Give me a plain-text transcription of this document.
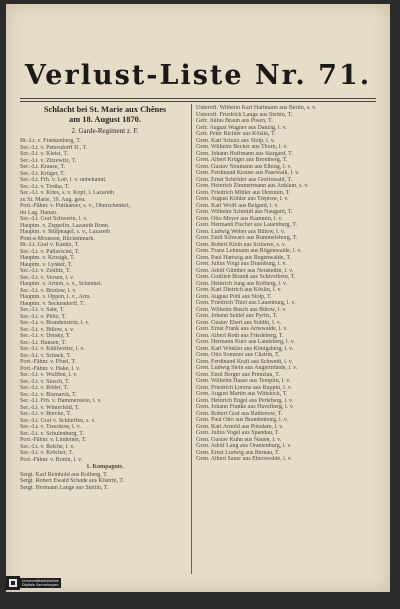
Verlust-Liste Nr. 71.
Schlacht bei St. Marie aux Chênes
am 18. August 1870.
2. Garde-Regiment z. F.
Br.-Lt. v. Frankenberg, T.
Sec.-Lt. v. Petersdorff II., T.
Sec.-Lt. v. Kleist, T.
Sec.-Lt. v. Zitzewitz, T.
Sec.-Lt. Krause, T.
Sec.-Lt. Krüger, T.
Sec.-Lt. Frh. v. Loë, l. v. unbekannt.
Sec.-Lt. v. Trotha, T.
Sec.-Lt. v. Kries, s. v. Kopf, i. Lazareth
zu St. Marie, 19. Aug. gest.
Port.-Fähnr. v. Puttkamer, s. v., Oberschenkel,
im Lag. Hanau.
Sec.-Lt. Graf Schwerin, l. v.
Hauptm. v. Zeppelin, Lazareth Bonn.
Hauptm. v. Stülpnagel, s. v., Lazareth
Pont-à-Mousson, Rückenmark.
Br.-Lt. Graf v. Kanitz, T.
Sec.-Lt. v. Pallavicini, T.
Hauptm. v. Krosigk, T.
Hauptm. v. Lynker, T.
Sec.-Lt. v. Zedlitz, T.
Sec.-Lt. v. Versen, l. v.
Hauptm. v. Arnim, s. v., Schenkel.
Sec.-Lt. v. Bredow, l. v.
Hauptm. v. Oppen, l. v., Arm.
Hauptm. v. Seckendorff, T.
Sec.-Lt. v. Sahr, T.
Sec.-Lt. v. Plötz, T.
Sec.-Lt. v. Brandenstein, l. v.
Sec.-Lt. v. Bülow, s. v.
Sec.-Lt. v. Dresky, T.
Sec.-Lt. Hansen, T.
Sec.-Lt. v. Kühlwetter, l. v.
Sec.-Lt. v. Schack, T.
Port.-Fähnr. v. Pfuel, T.
Port.-Fähnr. v. Hake, l. v.
Sec.-Lt. v. Wulffen, l. v.
Sec.-Lt. v. Stosch, T.
Sec.-Lt. v. Röder, T.
Sec.-Lt. v. Bismarck, T.
Sec.-Lt. Frh. v. Hammerstein, l. v.
Sec.-Lt. v. Winterfeld, T.
Sec.-Lt. v. Borcke, T.
Sec.-Lt. Graf v. Schlieffen, s. v.
Sec.-Lt. v. Tresckow, l. v.
Sec.-Lt. v. Schulenburg, T.
Port.-Fähnr. v. Lindeiner, T.
Sec.-Lt. v. Reiche, l. v.
Sec.-Lt. v. Kröcher, T.
Port.-Fähnr. v. Bonin, l. v.
1. Kompagnie.
Sergt. Karl Reinhold aus Kolberg, T.
Sergt. Robert Ewald Schade aus Küstrin, T.
Sergt. Hermann Lange aus Stettin, T.
Unteroff. Wilhelm Karl Hartmann aus Berlin, s. v.
Unteroff. Friedrich Lange aus Stettin, T.
Gefr. Julius Braun aus Posen, T.
Gefr. August Wagner aus Danzig, l. v.
Gefr. Peter Richter aus Köslin, T.
Gren. Karl Schulz aus Stolp, l. v.
Gren. Wilhelm Becker aus Thorn, l. v.
Gren. Johann Hoffmann aus Stargard, T.
Gren. Albert Krüger aus Bromberg, T.
Gren. Gustav Neumann aus Elbing, l. v.
Gren. Ferdinand Krause aus Pasewalk, l. v.
Gren. Ernst Schröder aus Greifswald, T.
Gren. Heinrich Zimmermann aus Anklam, s. v.
Gren. Friedrich Müller aus Demmin, T.
Gren. August Köhler aus Treptow, l. v.
Gren. Karl Wolff aus Belgard, l. v.
Gren. Wilhelm Schmidt aus Naugard, T.
Gren. Otto Meyer aus Kammin, l. v.
Gren. Hermann Fischer aus Lauenburg, T.
Gren. Ludwig Weber aus Bütow, l. v.
Gren. Emil Schwarz aus Rummelsburg, T.
Gren. Robert Klein aus Schlawe, s. v.
Gren. Franz Lehmann aus Rügenwalde, l. v.
Gren. Paul Hartwig aus Regenwalde, T.
Gren. Julius Voigt aus Dramburg, l. v.
Gren. Adolf Günther aus Neustettin, l. v.
Gren. Gottlieb Brandt aus Schivelbein, T.
Gren. Heinrich Jung aus Kolberg, l. v.
Gren. Karl Dietrich aus Köslin, l. v.
Gren. August Pohl aus Stolp, T.
Gren. Friedrich Thiel aus Lauenburg, l. v.
Gren. Wilhelm Busch aus Bütow, l. v.
Gren. Johann Seidel aus Pyritz, T.
Gren. Gustav Ebert aus Soldin, l. v.
Gren. Ernst Frank aus Arnswalde, l. v.
Gren. Albert Roth aus Friedeberg, T.
Gren. Hermann Kurz aus Landsberg, l. v.
Gren. Karl Winkler aus Königsberg, l. v.
Gren. Otto Sommer aus Cüstrin, T.
Gren. Ferdinand Kraft aus Schwedt, l. v.
Gren. Ludwig Stein aus Angermünde, l. v.
Gren. Emil Berger aus Prenzlau, T.
Gren. Wilhelm Haase aus Templin, l. v.
Gren. Friedrich Lorenz aus Ruppin, l. v.
Gren. August Martin aus Wittstock, T.
Gren. Heinrich Engel aus Perleberg, l. v.
Gren. Johann Franke aus Havelberg, l. v.
Gren. Robert Graf aus Rathenow, T.
Gren. Paul Otto aus Brandenburg, l. v.
Gren. Karl Arnold aus Potsdam, l. v.
Gren. Julius Vogel aus Spandau, T.
Gren. Gustav Kuhn aus Nauen, l. v.
Gren. Adolf Lang aus Oranienburg, l. v.
Gren. Ernst Ludwig aus Bernau, T.
Gren. Albert Sauer aus Eberswalde, l. v.
Universitätsbibliothek
Digitale Sammlungen
